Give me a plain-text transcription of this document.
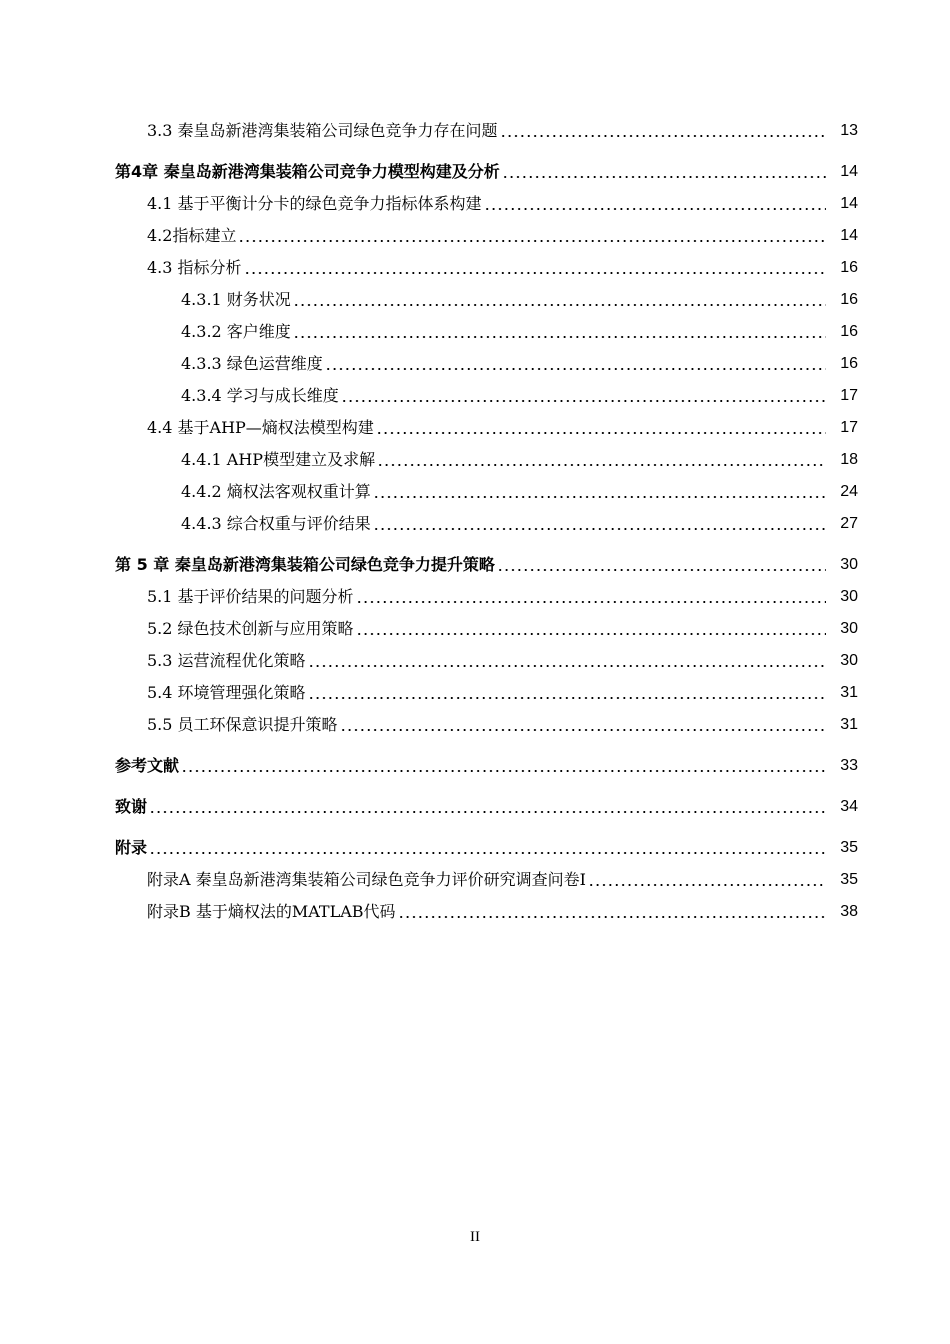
3.3 秦皇岛新港湾集装箱公司绿色竞争力存在问题	13
第4章 秦皇岛新港湾集装箱公司竞争力模型构建及分析	14
4.1 基于平衡计分卡的绿色竞争力指标体系构建	14
4.2指标建立	14
4.3 指标分析	16
4.3.1 财务状况	16
4.3.2 客户维度	16
4.3.3 绿色运营维度	16
4.3.4 学习与成长维度	17
4.4 基于AHP—熵权法模型构建	17
4.4.1 AHP模型建立及求解	18
4.4.2 熵权法客观权重计算	24
4.4.3 综合权重与评价结果	27
第 5 章 秦皇岛新港湾集装箱公司绿色竞争力提升策略	30
5.1 基于评价结果的问题分析	30
5.2 绿色技术创新与应用策略	30
5.3 运营流程优化策略	30
5.4 环境管理强化策略	31
5.5 员工环保意识提升策略	31
参考文献	33
致谢	34
附录	35
附录A 秦皇岛新港湾集装箱公司绿色竞争力评价研究调查问卷Ⅰ	35
附录B 基于熵权法的MATLAB代码	38
II
